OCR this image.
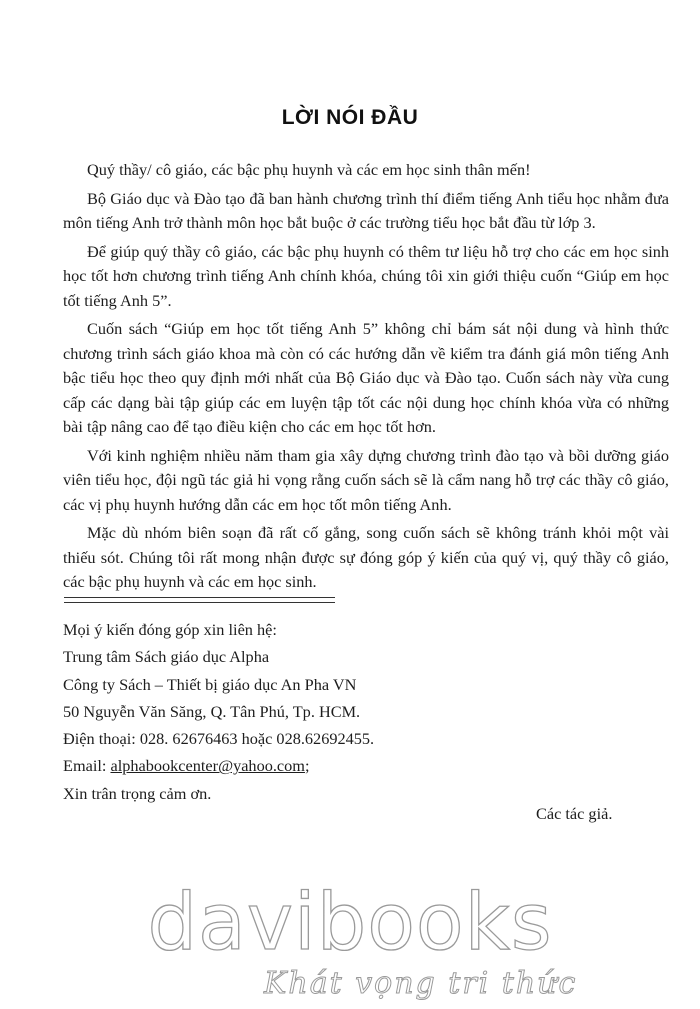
LỜI NÓI ĐẦU

Quý thầy/ cô giáo, các bậc phụ huynh và các em học sinh thân mến!

Bộ Giáo dục và Đào tạo đã ban hành chương trình thí điểm tiếng Anh tiểu học nhằm đưa môn tiếng Anh trở thành môn học bắt buộc ở các trường tiểu học bắt đầu từ lớp 3.

Để giúp quý thầy cô giáo, các bậc phụ huynh có thêm tư liệu hỗ trợ cho các em học sinh học tốt hơn chương trình tiếng Anh chính khóa, chúng tôi xin giới thiệu cuốn “Giúp em học tốt tiếng Anh 5”.

Cuốn sách “Giúp em học tốt tiếng Anh 5” không chỉ bám sát nội dung và hình thức chương trình sách giáo khoa mà còn có các hướng dẫn về kiểm tra đánh giá môn tiếng Anh bậc tiểu học theo quy định mới nhất của Bộ Giáo dục và Đào tạo. Cuốn sách này vừa cung cấp các dạng bài tập giúp các em luyện tập tốt các nội dung học chính khóa vừa có những bài tập nâng cao để tạo điều kiện cho các em học tốt hơn.

Với kinh nghiệm nhiều năm tham gia xây dựng chương trình đào tạo và bồi dưỡng giáo viên tiểu học, đội ngũ tác giả hi vọng rằng cuốn sách sẽ là cẩm nang hỗ trợ các thầy cô giáo, các vị phụ huynh hướng dẫn các em học tốt môn tiếng Anh.

Mặc dù nhóm biên soạn đã rất cố gắng, song cuốn sách sẽ không tránh khỏi một vài thiếu sót. Chúng tôi rất mong nhận được sự đóng góp ý kiến của quý vị, quý thầy cô giáo, các bậc phụ huynh và các em học sinh.

Mọi ý kiến đóng góp xin liên hệ:
Trung tâm Sách giáo dục Alpha
Công ty Sách – Thiết bị giáo dục An Pha VN
50 Nguyễn Văn Săng, Q. Tân Phú, Tp. HCM.
Điện thoại: 028. 62676463 hoặc 028.62692455.
Email: alphabookcenter@yahoo.com;
Xin trân trọng cảm ơn.
Các tác giả.
davibooks
Khát vọng tri thức
